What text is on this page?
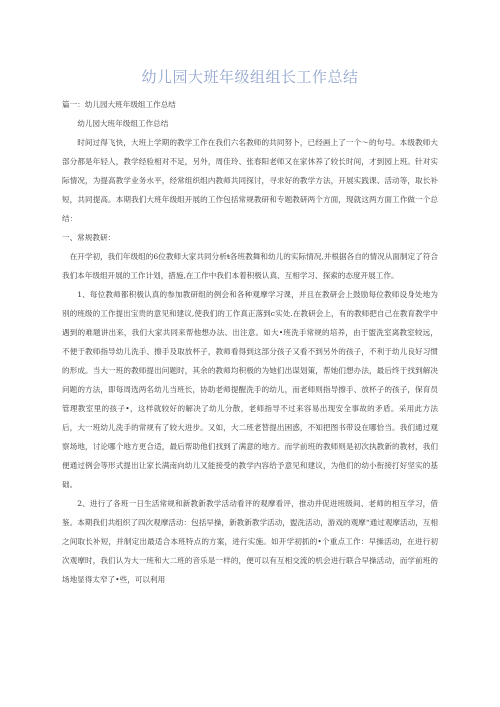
幼儿园大班年级组组长工作总结

篇一：幼儿园大班年级组工作总结

幼儿园大班年级组工作总结

时间过得飞快，大班上学期的教学工作在我们六名教师的共同努卜，已经画上了一个～的句号。本级教师大部分都是年轻人，教学经验相对不足，另外，周佳玲、张春阳老师又在家休养了较长时间，才到园上班。针对实际情况，为提高教学业务水平，经常组织组内教师共同探讨，寻求好的教学方法，开展实践课、活动等，取长补短，共同提高。本期我们大班年级组开展的工作包括常规教研和专题教研两个方面，现就这两方面工作做一个总结：

一、常规教研：

在开学初，我们年级组的6位教师大家共同分析ŧ各班教舞和幼儿的实际情况,并根据各自的情况从面制定了符合我们本年级组开展的工作计划，措施,在工作中我们本着积极认真、互相学习、探索的态度开展工作。

1、每位教师都积极认真的参加教研组的例会和各种观摩学习课，并且在教研会上鼓励每位教师设身处地为别的班级的工作提出宝贵的意见和建议,使我们的工作真正落到c实处.在教研会上，有的教师把自己在教育教学中遇到的难题讲出来，我们大家共同来帮他想办法、出注意。如大•班洗手常规的培养，由于盥洗室离教室较远，不便于教师指导幼儿洗手、擦手及取放杯子，教师看得到这部分孩子又看不到另外的孩子，不利于幼儿良好习惯的形成。当大一班的教师提出问题时，其余的教师均积极的为她们出谋划策，帮她们想办法，最后终于找到解决问题的方法，即每周选两名幼儿当班长，协助老师提醒洗手的幼儿，而老师则指导擦手、放杯子的孩子，保育员管理教室里的孩子•，这样就较好的解决了幼儿分散，老师指导不过来容易出现安全事故的矛盾。采用此方法后，大一班幼儿洗手的常规有了较大进步。又如，大二班老替提出困惑，不知把图书带设在哪恰当。我们通过观察场地，讨论哪个地方更合适，最后帮助他们找到了满意的地方。而学前班的教师则是初次执教新的教材，我们便通过例会等形式提出让家长满南向幼儿又能接受的教学内容给予意见和建议，为他们的幼小衔接打好坚实的基础。

2、进行了各班一日生活常规和新教新教学活动看评的观摩看评，推动并促进班级间、老师的相互学习，借鉴。本期我们共组织了四次观摩活动：包括早操，新教新教学活动，盥洗活动，游戏的观摩“通过观摩活动，互相之间取长补短，并制定出最适合本班特点的方案，进行实施。如开学初抓的•个重点工作：早操活动，在进行初次观摩时，我们认为大一班和大二班的音乐是一样的，便可以有互相交流的机会进行联合早操活动，而学前班的场地显得太窄了•些，可以利用
